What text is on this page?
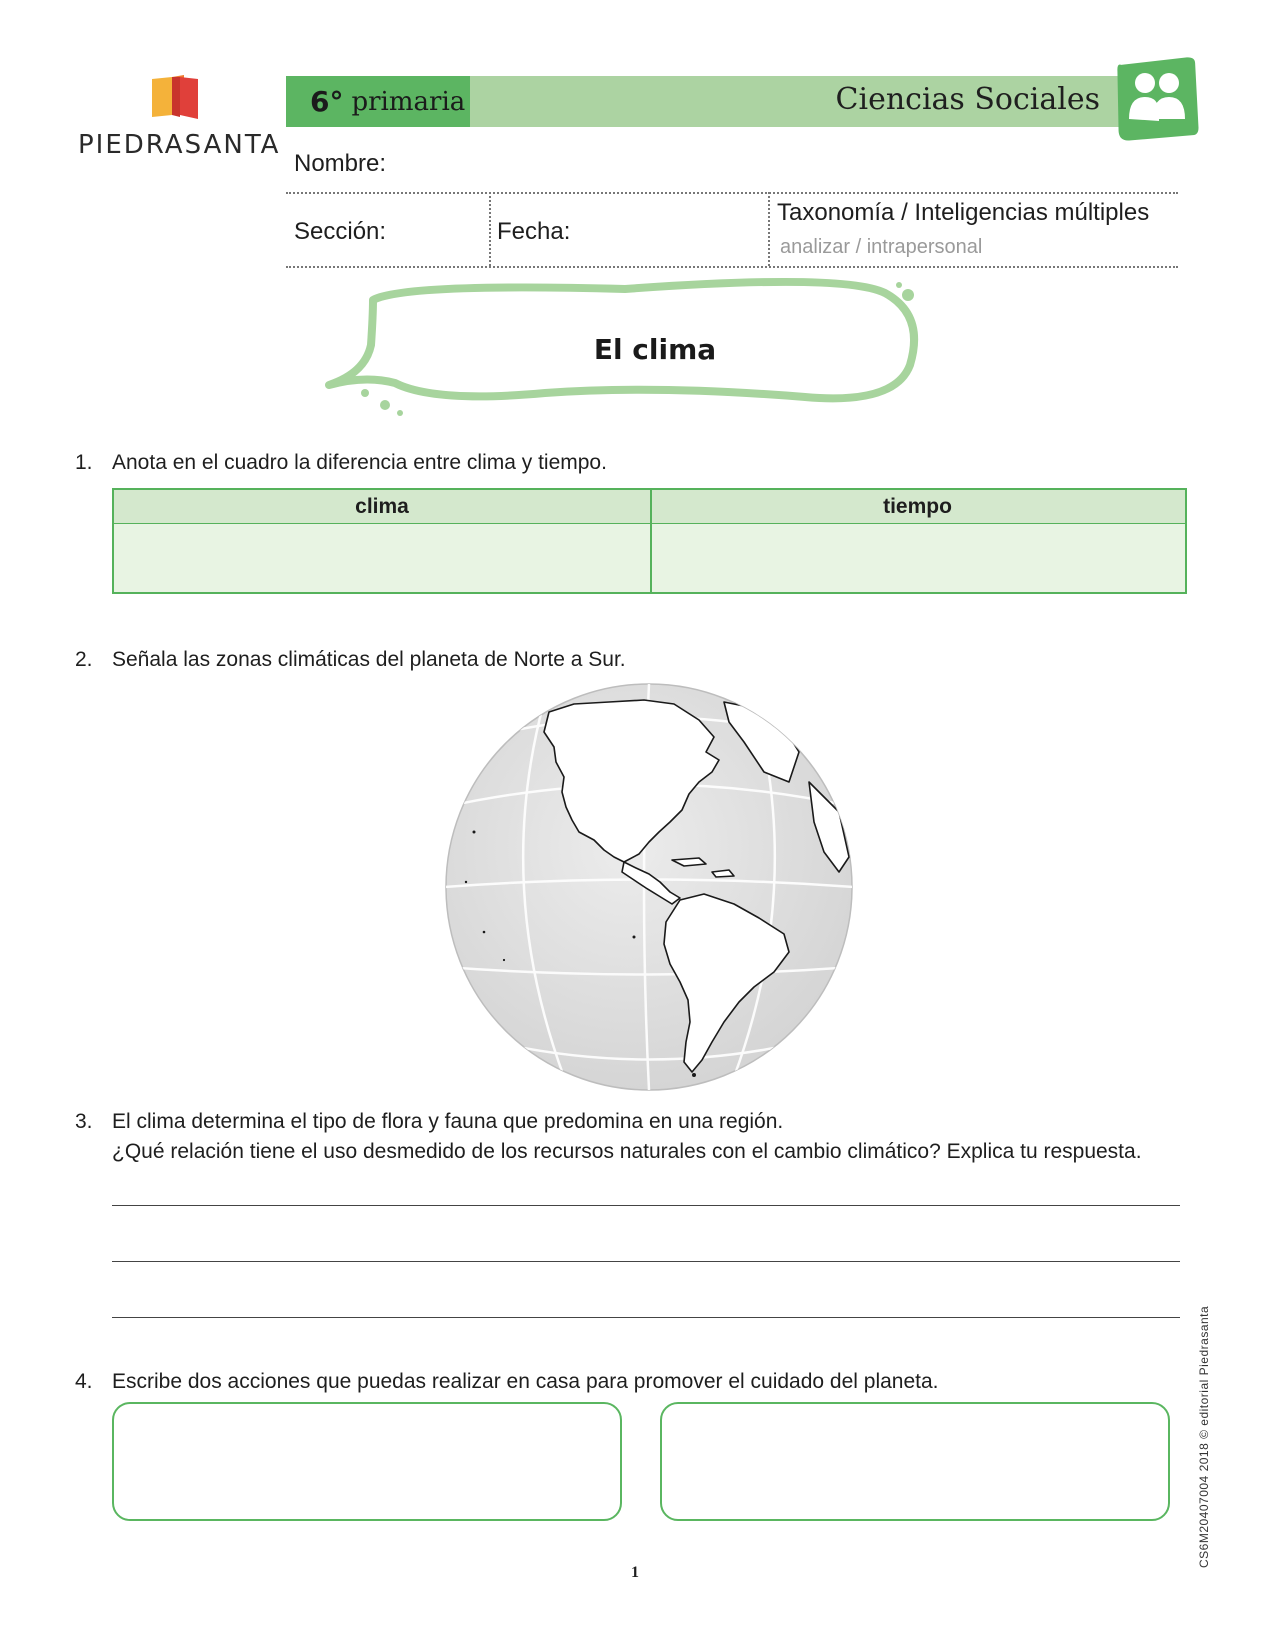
PIEDRASANTA
6° primaria	Ciencias Sociales
Nombre:
Sección:	Fecha:
Taxonomía / Inteligencias múltiples
analizar / intrapersonal
El clima
1. Anota en el cuadro la diferencia entre clima y tiempo.
clima	tiempo
2. Señala las zonas climáticas del planeta de Norte a Sur.
3. El clima determina el tipo de flora y fauna que predomina en una región.
¿Qué relación tiene el uso desmedido de los recursos naturales con el cambio climático? Explica tu respuesta.
4. Escribe dos acciones que puedas realizar en casa para promover el cuidado del planeta.
1
CS6M20407004 2018 © editorial Piedrasanta
